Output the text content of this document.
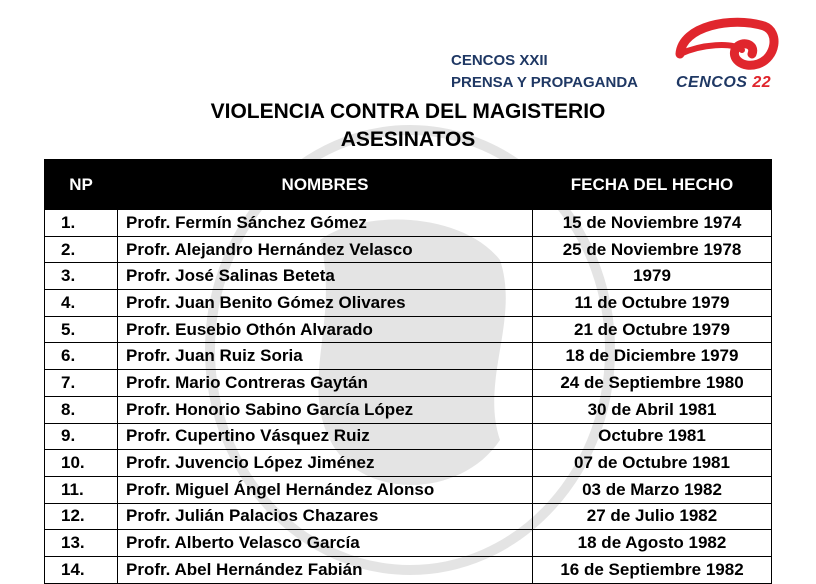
CENCOS XXII
PRENSA Y PROPAGANDA CENCOS 22
VIOLENCIA CONTRA DEL MAGISTERIO
ASESINATOS
NP	NOMBRES	FECHA DEL HECHO
1.	Profr. Fermín Sánchez Gómez	15 de Noviembre 1974
2.	Profr. Alejandro Hernández Velasco	25 de Noviembre 1978
3.	Profr. José Salinas Beteta	1979
4.	Profr. Juan Benito Gómez Olivares	11 de Octubre 1979
5.	Profr. Eusebio Othón Alvarado	21 de Octubre 1979
6.	Profr. Juan Ruiz Soria	18 de Diciembre 1979
7.	Profr. Mario Contreras Gaytán	24 de Septiembre 1980
8.	Profr. Honorio Sabino García López	30 de Abril 1981
9.	Profr. Cupertino Vásquez Ruiz	Octubre 1981
10.	Profr. Juvencio López Jiménez	07 de Octubre 1981
11.	Profr. Miguel Ángel Hernández Alonso	03 de Marzo 1982
12.	Profr. Julián Palacios Chazares	27 de Julio 1982
13.	Profr. Alberto Velasco García	18 de Agosto 1982
14.	Profr. Abel Hernández Fabián	16 de Septiembre 1982
